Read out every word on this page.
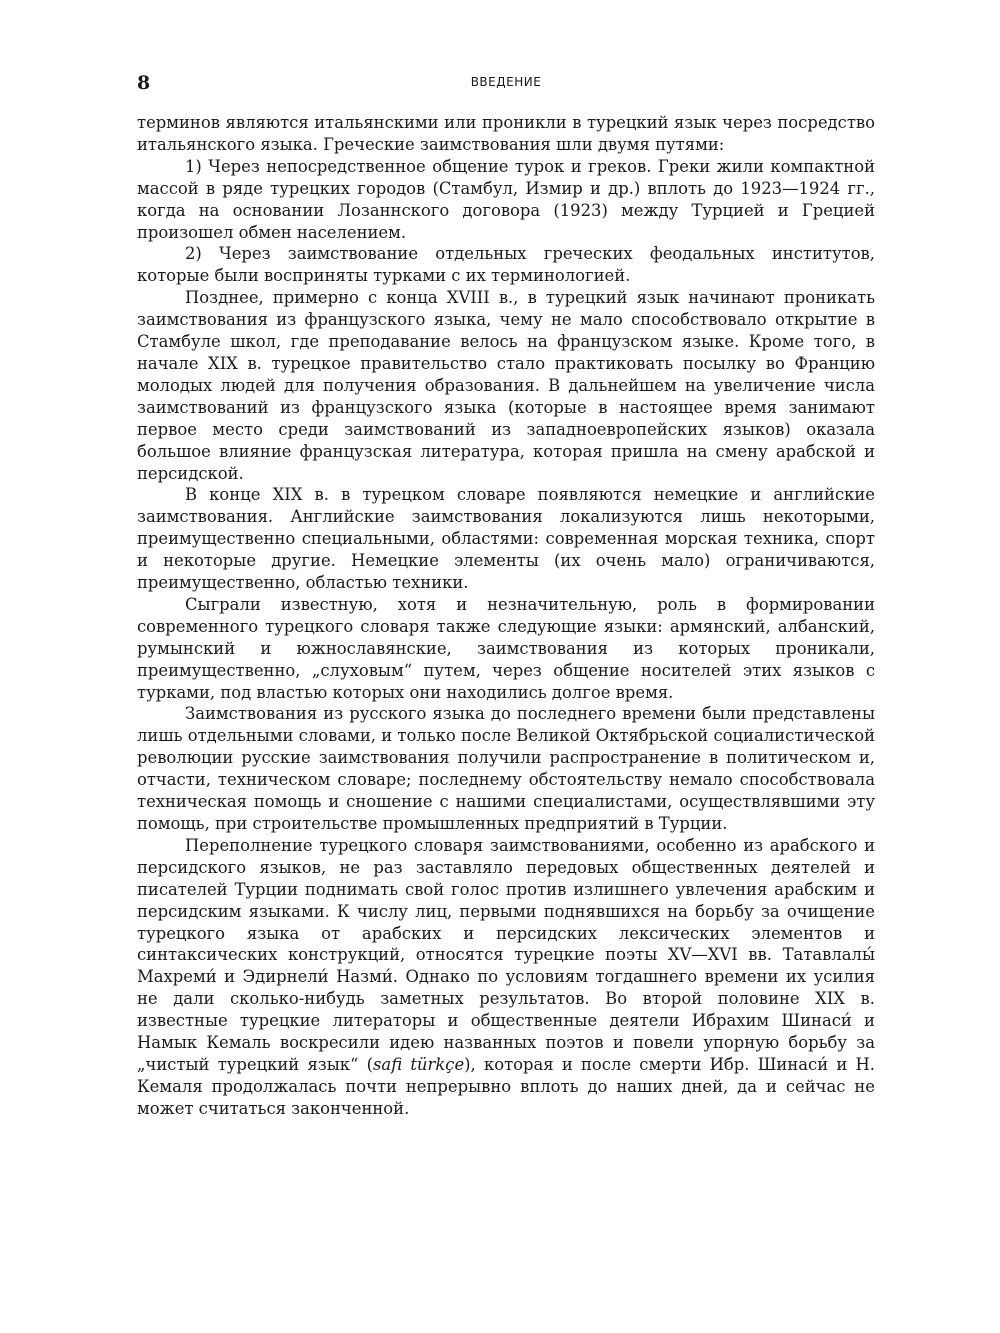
8	ВВЕДЕНИЕ

терминов являются итальянскими или проникли в турецкий язык через посредство итальянского языка. Греческие заимствования шли двумя путями:

1) Через непосредственное общение турок и греков. Греки жили компактной массой в ряде турецких городов (Стамбул, Измир и др.) вплоть до 1923—1924 гг., когда на основании Лозаннского договора (1923) между Турцией и Грецией произошел обмен населением.

2) Через заимствование отдельных греческих феодальных институтов, которые были восприняты турками с их терминологией.

Позднее, примерно с конца XVIII в., в турецкий язык начинают проникать заимствования из французского языка, чему не мало способствовало открытие в Стамбуле школ, где преподавание велось на французском языке. Кроме того, в начале XIX в. турецкое правительство стало практиковать посылку во Францию молодых людей для получения образования. В дальнейшем на увеличение числа заимствований из французского языка (которые в настоящее время занимают первое место среди заимствований из западноевропейских языков) оказала большое влияние французская литература, которая пришла на смену арабской и персидской.

В конце XIX в. в турецком словаре появляются немецкие и английские заимствования. Английские заимствования локализуются лишь некоторыми, преимущественно специальными, областями: современная морская техника, спорт и некоторые другие. Немецкие элементы (их очень мало) ограничиваются, преимущественно, областью техники.

Сыграли известную, хотя и незначительную, роль в формировании современного турецкого словаря также следующие языки: армянский, албанский, румынский и южнославянские, заимствования из которых проникали, преимущественно, „слуховым“ путем, через общение носителей этих языков с турками, под властью которых они находились долгое время.

Заимствования из русского языка до последнего времени были представлены лишь отдельными словами, и только после Великой Октябрьской социалистической революции русские заимствования получили распространение в политическом и, отчасти, техническом словаре; последнему обстоятельству немало способствовала техническая помощь и сношение с нашими специалистами, осуществлявшими эту помощь, при строительстве промышленных предприятий в Турции.

Переполнение турецкого словаря заимствованиями, особенно из арабского и персидского языков, не раз заставляло передовых общественных деятелей и писателей Турции поднимать свой голос против излишнего увлечения арабским и персидским языками. К числу лиц, первыми поднявшихся на борьбу за очищение турецкого языка от арабских и персидских лексических элементов и синтаксических конструкций, относятся турецкие поэты XV—XVI вв. Татавлалы́ Махреми́ и Эдирнели́ Назми́. Однако по условиям тогдашнего времени их усилия не дали сколько-нибудь заметных результатов. Во второй половине XIX в. известные турецкие литераторы и общественные деятели Ибрахим Шинаси́ и Намык Кемаль воскресили идею названных поэтов и повели упорную борьбу за „чистый турецкий язык“ (safi türkçe), которая и после смерти Ибр. Шинаси́ и Н. Кемаля продолжалась почти непрерывно вплоть до наших дней, да и сейчас не может считаться законченной.
